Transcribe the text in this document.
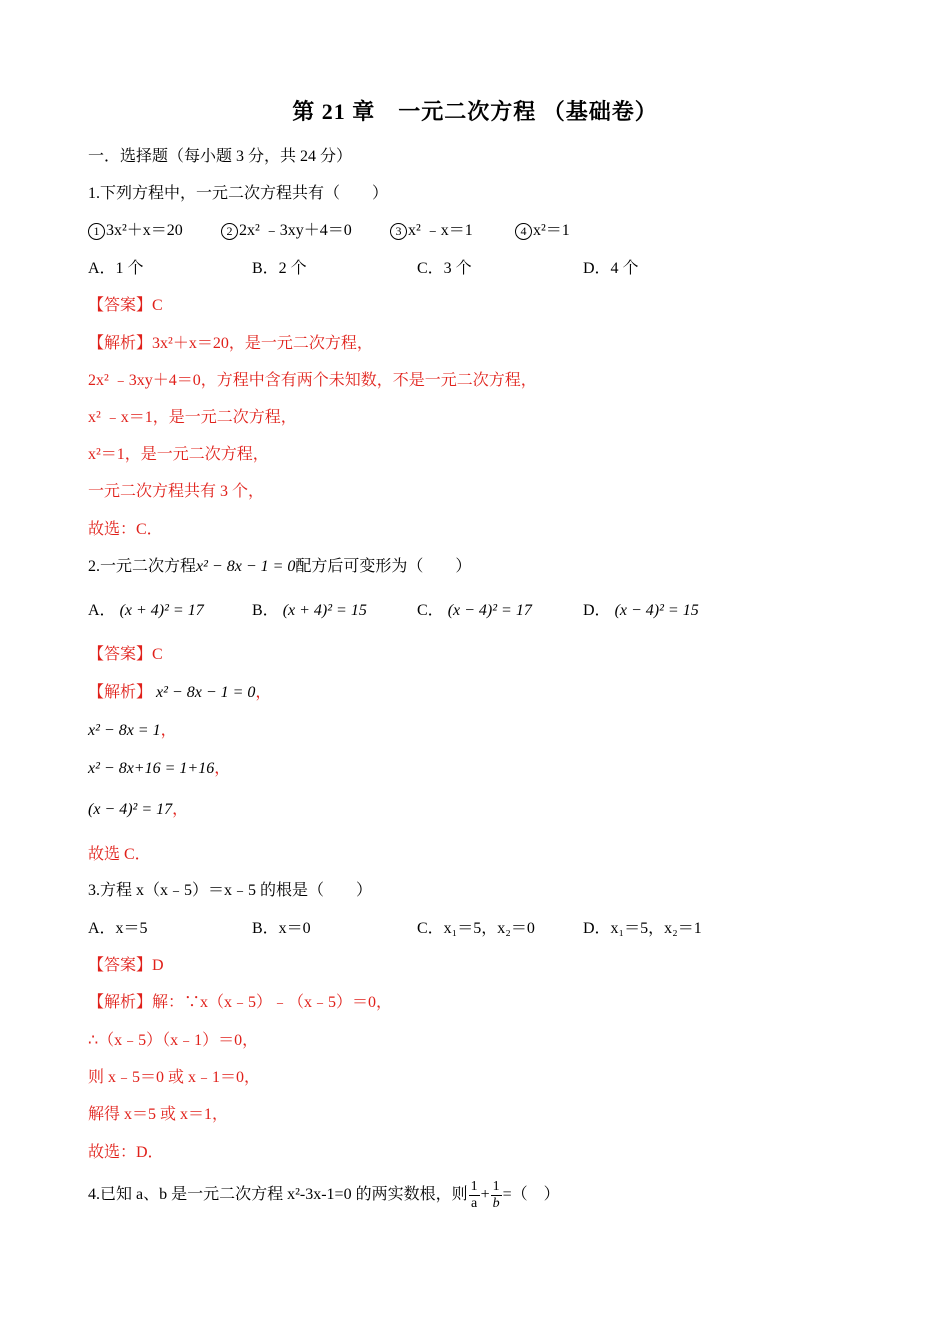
第 21 章　一元二次方程 （基础卷）
一．选择题（每小题 3 分，共 24 分）
1.下列方程中，一元二次方程共有（　　）
1 3x²＋x＝20	2 2x² ﹣3xy＋4＝0	3 x² ﹣x＝1	4 x²＝1
A．1 个	B．2 个	C．3 个	D．4 个
【答案】C
【解析】3x²＋x＝20，是一元二次方程，
2x² ﹣3xy＋4＝0，方程中含有两个未知数，不是一元二次方程，
x² ﹣x＝1，是一元二次方程，
x²＝1，是一元二次方程，
一元二次方程共有 3 个，
故选：C．
2.一元二次方程x² − 8x − 1 = 0配方后可变形为（　　）
A． (x + 4)² = 17	B． (x + 4)² = 15	C． (x − 4)² = 17	D． (x − 4)² = 15
【答案】C
【解析】 x² − 8x − 1 = 0，
x² − 8x = 1，
x² − 8x+16 = 1+16，
(x − 4)² = 17，
故选 C．
3.方程 x（x﹣5）＝x﹣5 的根是（　　）
A．x＝5	B．x＝0	C．x₁＝5，x₂＝0	D．x₁＝5，x₂＝1
【答案】D
【解析】解：∵x（x﹣5）﹣（x﹣5）＝0，
∴（x﹣5）（x﹣1）＝0，
则 x﹣5＝0 或 x﹣1＝0，
解得 x＝5 或 x＝1，
故选：D．
4.已知 a、b 是一元二次方程 x²-3x-1=0 的两实数根，则 $\frac{1}{a} + \frac{1}{b}$ =（　）
